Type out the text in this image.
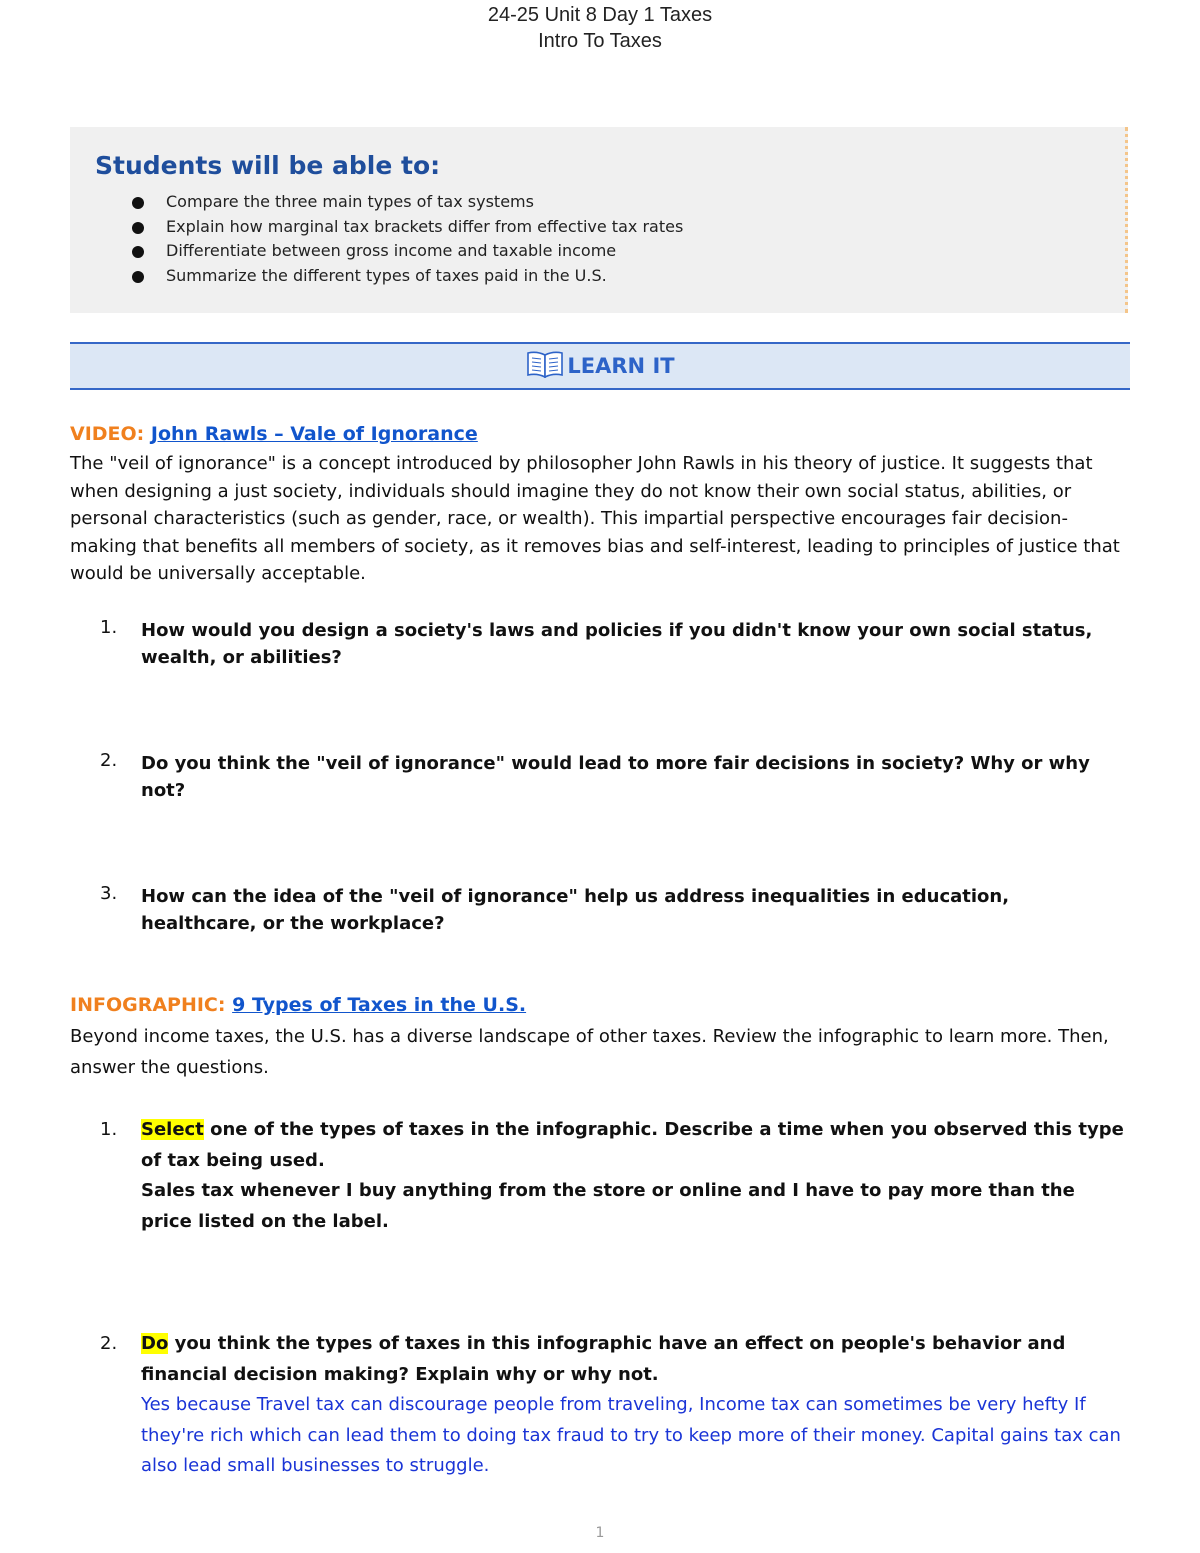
24-25 Unit 8 Day 1 Taxes
Intro To Taxes
Students will be able to:
Compare the three main types of tax systems
Explain how marginal tax brackets differ from effective tax rates
Differentiate between gross income and taxable income
Summarize the different types of taxes paid in the U.S.
LEARN IT
VIDEO: John Rawls – Vale of Ignorance

The "veil of ignorance" is a concept introduced by philosopher John Rawls in his theory of justice. It suggests that when designing a just society, individuals should imagine they do not know their own social status, abilities, or personal characteristics (such as gender, race, or wealth). This impartial perspective encourages fair decision-making that benefits all members of society, as it removes bias and self-interest, leading to principles of justice that would be universally acceptable.

1. How would you design a society's laws and policies if you didn't know your own social status, wealth, or abilities?
2. Do you think the "veil of ignorance" would lead to more fair decisions in society? Why or why not?
3. How can the idea of the "veil of ignorance" help us address inequalities in education, healthcare, or the workplace?
INFOGRAPHIC: 9 Types of Taxes in the U.S.

Beyond income taxes, the U.S. has a diverse landscape of other taxes. Review the infographic to learn more. Then, answer the questions.

1. Select one of the types of taxes in the infographic. Describe a time when you observed this type of tax being used.
Sales tax whenever I buy anything from the store or online and I have to pay more than the price listed on the label.
2. Do you think the types of taxes in this infographic have an effect on people's behavior and financial decision making? Explain why or why not.
Yes because Travel tax can discourage people from traveling, Income tax can sometimes be very hefty If they're rich which can lead them to doing tax fraud to try to keep more of their money. Capital gains tax can also lead small businesses to struggle.
1
